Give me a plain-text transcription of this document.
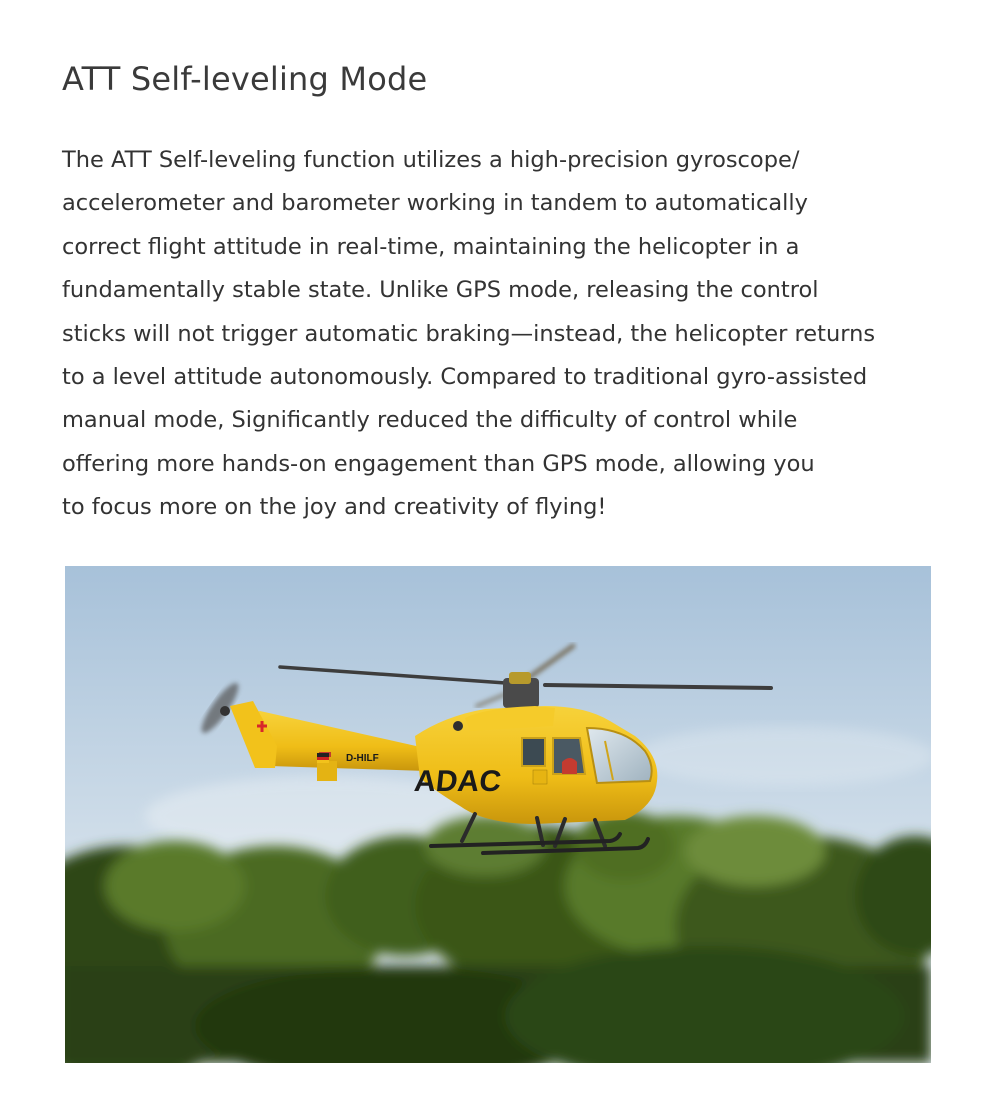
ATT Self-leveling Mode
The ATT Self-leveling function utilizes a high-precision gyroscope/
accelerometer and barometer working in tandem to automatically
correct flight attitude in real-time, maintaining the helicopter in a
fundamentally stable state. Unlike GPS mode, releasing the control
sticks will not trigger automatic braking—instead, the helicopter returns
to a level attitude autonomously. Compared to traditional gyro-assisted
manual mode, Significantly reduced the difficulty of control while
offering more hands-on engagement than GPS mode, allowing you
to focus more on the joy and creativity of flying!
ADAC
D-HILF
